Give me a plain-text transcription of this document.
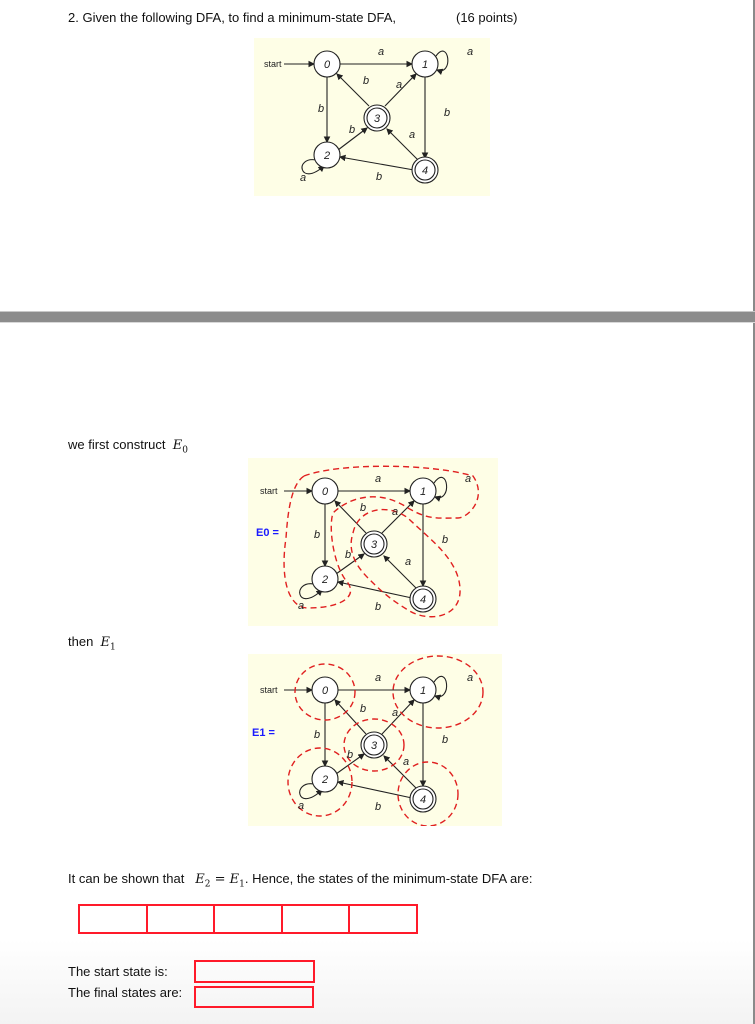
2. Given the following DFA, to find a minimum-state DFA,	(16 points)
0	1
2
3
4
a	a
b
b a
b
b	a
b
a
start
we first construct $E_0$
0	1
2
3
4
a	a
b
b a
b
b
a
b
a
start
E0 =
then $E_1$
0	1
2
3
4
a	a
b
b a
b
b
a
b
a
start
E1 =
It can be shown that $E_2 = E_1$. Hence, the states of the minimum-state DFA are:
The start state is:
The final states are:
